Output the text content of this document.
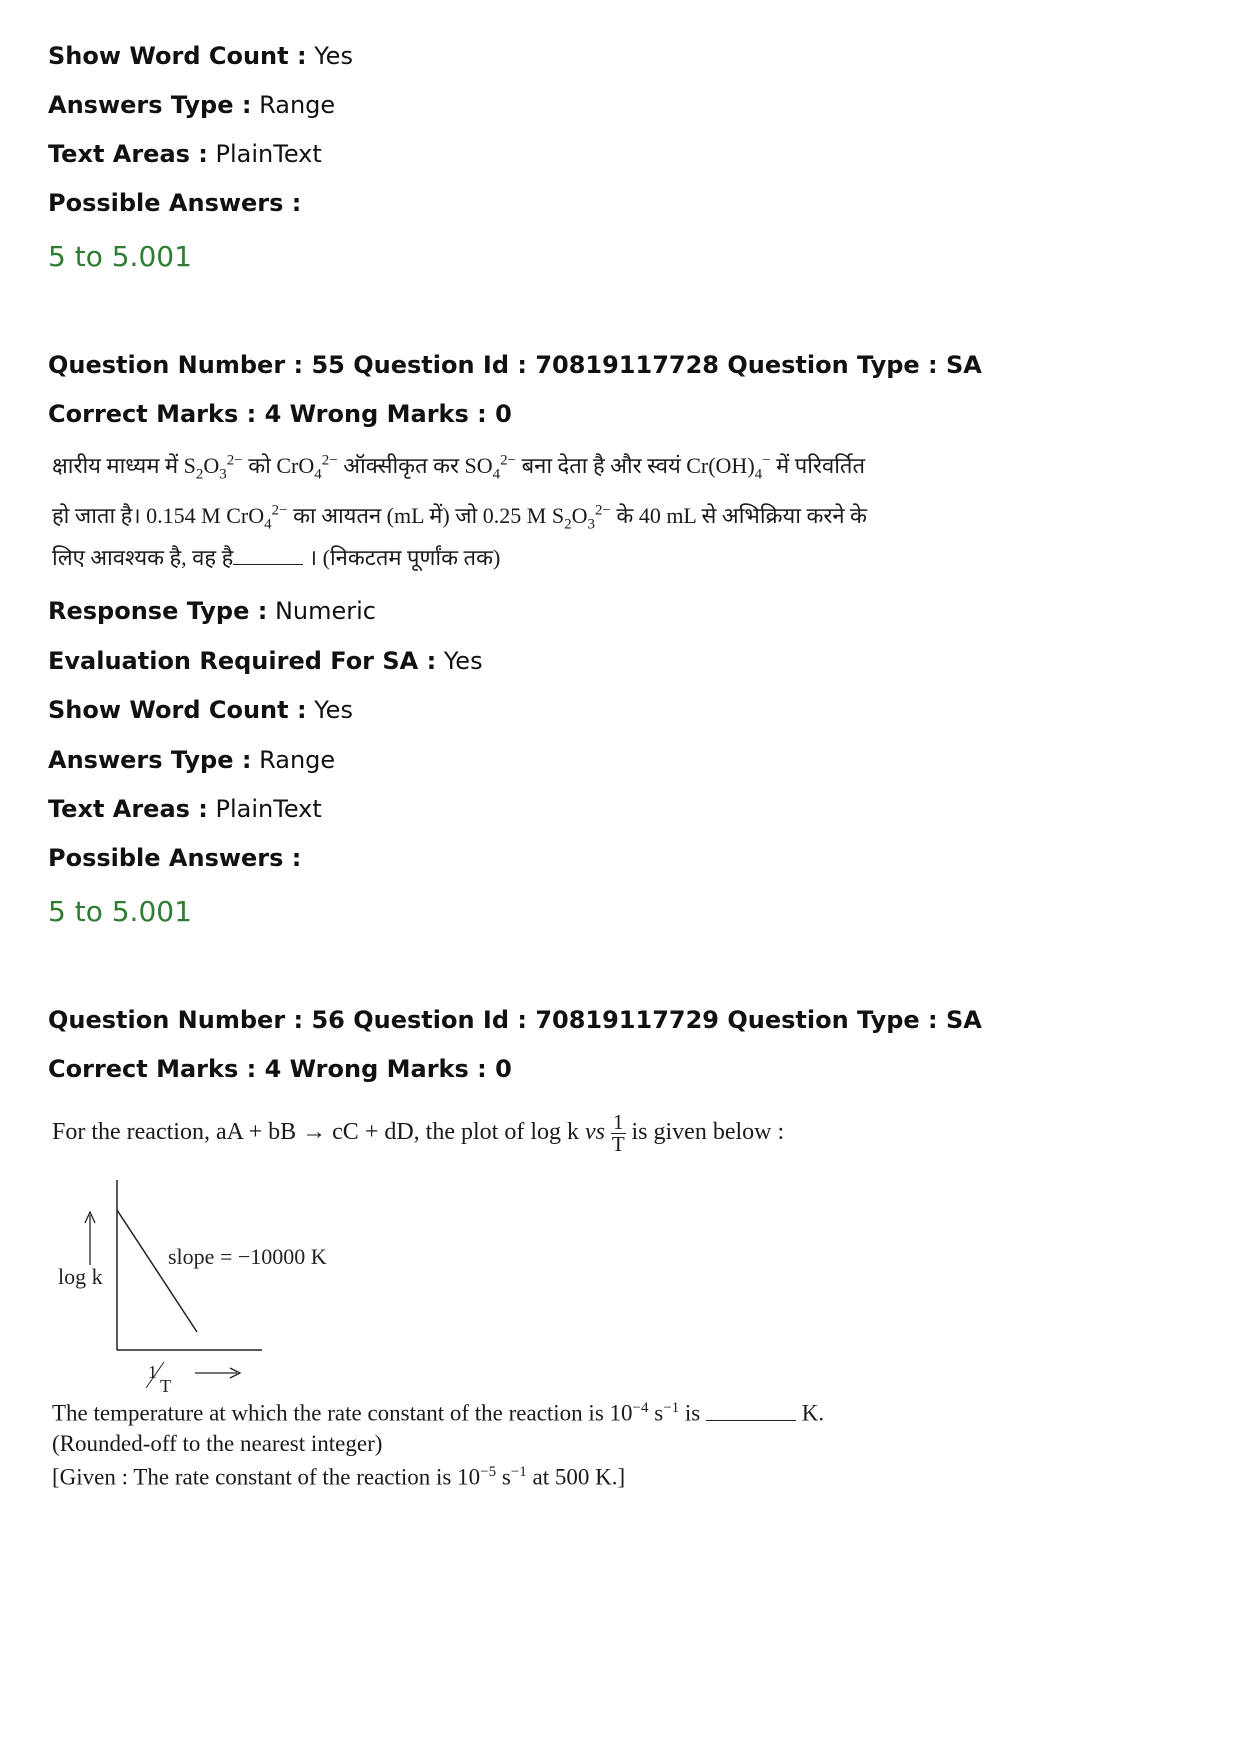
Show Word Count : Yes
Answers Type : Range
Text Areas : PlainText
Possible Answers :
5 to 5.001
Question Number : 55 Question Id : 70819117728 Question Type : SA
Correct Marks : 4 Wrong Marks : 0
क्षारीय माध्यम में $S_2O_3^{2-}$ को CrO$_4^{2-}$ ऑक्सीकृत कर $SO_4^{2-}$ बना देता है और स्वयं $Cr(OH)_4^-$ में परिवर्तित
हो जाता है। 0.154 M CrO$_4^{2-}$ का आयतन (mL में) जो 0.25 M $S_2O_3^{2-}$ के 40 mL से अभिक्रिया करने के
लिए आवश्यक है, वह है	। (निकटतम पूर्णांक तक)
Response Type : Numeric
Evaluation Required For SA : Yes
Show Word Count : Yes
Answers Type : Range
Text Areas : PlainText
Possible Answers :
5 to 5.001
Question Number : 56 Question Id : 70819117729 Question Type : SA
Correct Marks : 4 Wrong Marks : 0
For the reaction, aA + bB → cC + dD, the plot of log k vs $\frac{1}{T}$ is given below :
log k
slope = −10000 K
1
T
The temperature at which the rate constant of the reaction is $10^{-4}$ $s^{-1}$ is	K.
(Rounded-off to the nearest integer)
[Given : The rate constant of the reaction is $10^{-5}$ $s^{-1}$ at 500 K.]
